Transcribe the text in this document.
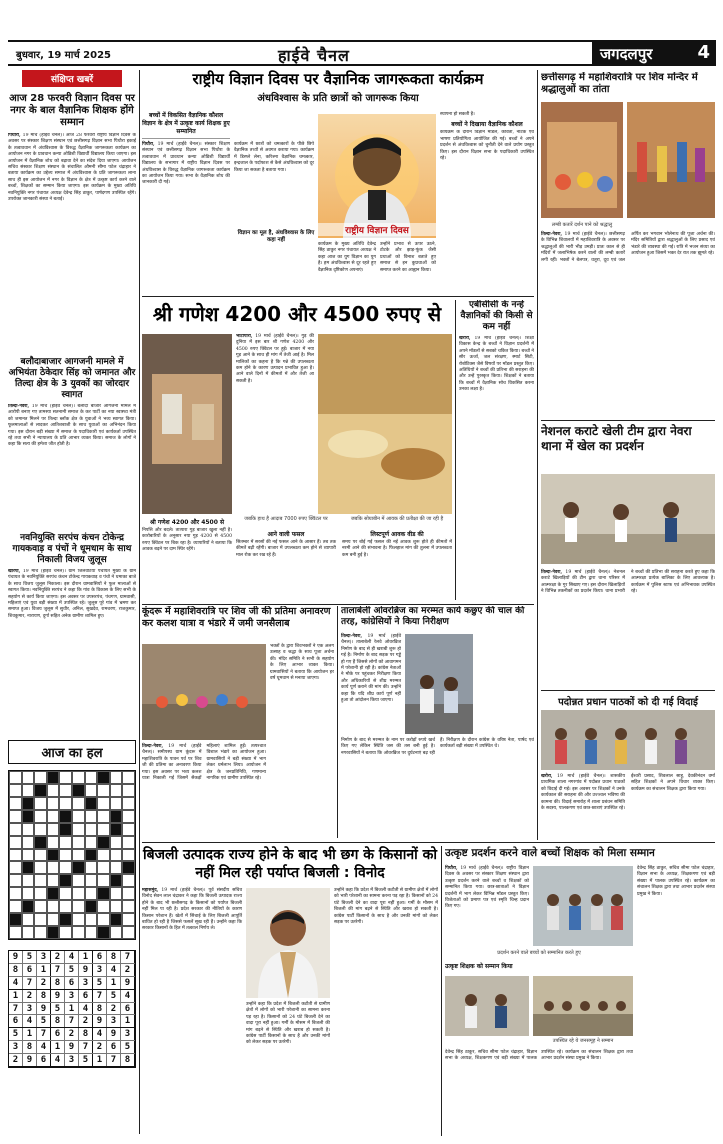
बुधवार, 19 मार्च 2025	हाईवे चैनल	जगदलपुर	4
संक्षिप्त खबरें
आज 28 फरवरी विज्ञान दिवस पर नगर के बाल वैज्ञानिक शिक्षक होंगे सम्मान
पिथौरा, 19 मार्च (हाईवे चैनल)। आज 28 फरवरी राष्ट्रीय विज्ञान दिवस के अवसर पर संस्कार शिक्षण संस्थान एवं छत्तीसगढ़ विज्ञान सभा पिथौरा इकाई के तत्वावधान में अंधविश्वास के विरुद्ध वैज्ञानिक जागरूकता कार्यक्रम का आयोजन नगर के प्रावधान कन्या ओडिशी विद्यार्थी विद्यालय किया जाएगा। इस आयोजन में वैज्ञानिक शोध को बढ़ावा देने का संदेश दिया जाएगा। आयोजन सचिव संस्कार शिक्षण संस्थान के संचालित औमनी सीमा पटेल चंद्राहार ने बताया कार्यक्रम का उद्देश्य समाज में अंधविश्वास के प्रति जागरूकता लाना साथ ही इस आयोजन में नगर के विज्ञान के क्षेत्र में उत्कृष्ट कार्य करने वाले बच्चों, शिक्षकों का सम्मान किया जाएगा। इस कार्यक्रम के मुख्य अतिथि नवनियुक्ति नगर पंचायत अध्यक्ष देवेन्द्र सिंह ठाकुर, पार्षदगण उपस्थित रहेंगे। उपरोक्त जानकारी संस्था ने बताई।
बलौदाबाजार आगजनी मामले में अभियंता ठेकेदार सिंह को जमानत और तिल्दा क्षेत्र के 3 युवकों का जोरदार स्वागत
तिल्दा-नेवरा, 19 मार्च (हाईवे चैनल)। बलौदा बाजार आगजनी मामले में आरोपी बनाए गए तामस्या सतनामी समाज के कर पार्टी का नया स्वास्थ्य मंत्री को जमानत मिलने पर तिल्दा ब्लॉक क्षेत्र के युवाओं ने भव्य स्वागत किया। फूलमालाओं से लादकर आतिशबाजी के साथ युवाओं का अभिनंदन किया गया। इस दौरान बड़ी संख्या में समाज के पदाधिकारी एवं कार्यकर्ता उपस्थित रहे तथा सभी ने न्यायालय के प्रति आभार व्यक्त किया। समाज के लोगों ने कहा कि सत्य की हमेशा जीत होती है।
नवनियुक्ति सरपंच कंचन टोकेन्द्र गायकवाड़ व पंचों ने धूमधाम के साथ निकाली विजय जुलूस
खोरपा, 19 मार्च (हाईवे चैनल)। ग्राम जिलवटिया पंचायत मुख्य के ग्राम पंचायत के नवनियुक्ति सरपंच कंचन टोकेन्द्र गायकवाड़ व पंचो ने धमाका बाजे के साथ विजय जुलूस निकाला। इस दौरान ग्रामवासियों ने फूल मालाओं से स्वागत किया। नवनियुक्ति सरपंच ने कहा कि गांव के विकास के लिए सभी के सहयोग से कार्य किया जाएगा। इस अवसर पर उपसरपंच, पंचगण, ग्रामवासी, महिलाएं एवं युवा बड़ी संख्या में उपस्थित रहे। जुलूस पूरे गांव में भ्रमण कर समाप्त हुआ। विजय जुलूस में सुधीर, अनिल, सुखदेव, रामचरण, राजकुमार, शिवकुमार, नारायण, दुर्गा सहित अनेक ग्रामीण शामिल हुए।
आज का हल
9 5 3 2 4 1 6 8 7
8 6 1 7 5 9 3 4 2
4 7 2 8 6 3 5 1 9
1 2 8 9 3 6 7 5 4
7 3 9 5 1 4 8 2 6
6 4 5 8 7 2 9 3 1
5 1 7 6 2 8 4 9 3
3 8 4 1 9 7 2 6 5
2 9 6 4 3 5 1 7 8
राष्ट्रीय विज्ञान दिवस पर वैज्ञानिक जागरूकता कार्यक्रम
अंधविश्वास के प्रति छात्रों को जागरूक किया
बच्चों में विकसित वैज्ञानिक कौशल विज्ञान के क्षेत्र में उत्कृष्ट कार्य शिक्षक हुए सम्मानित
पिथौरा, 19 मार्च (हाईवे चैनल)। संस्कार शिक्षण संस्थान एवं छत्तीसगढ़ विज्ञान सभा पिथौरा के तत्वावधान में प्रावधान कन्या ओडिशी विद्यार्थी विद्यालय के सभागार में राष्ट्रीय विज्ञान दिवस पर अंधविश्वास के विरुद्ध वैज्ञानिक जागरूकता कार्यक्रम का आयोजन किया गया। सभा के वैज्ञानिक शोध की जानकारी दी गई।
कार्यक्रम में छात्रों को चमत्कारों के पीछे छिपे वैज्ञानिक तथ्यों से अवगत कराया गया। कार्यक्रम में डिस्प्ले लेना, करिश्मा वैज्ञानिक चमत्कार, इन्द्रजाल के पर्दाफाश से कैसे अंधविश्वास को दूर किया जा सकता है बताया गया।
राष्ट्रीय विज्ञान दिवस
विज्ञान का मूल है, अंधविश्वास के लिए कहा नहीं
कार्यक्रम के मुख्य अतिथि देवेन्द्र सिंह ठाकुर नगर पंचायत अध्यक्ष ने कहा आज का युग विज्ञान का युग है। हम अंधविश्वास से दूर रहते हुए वैज्ञानिक दृष्टिकोण अपनाएं।
उन्होंने प्रभाव से ऊपर उठने, टोटके और झाड़-फूंक जैसी प्रथाओं को विनाश बताते हुए समाज से इन कुप्रथाओं को समाप्त करने का आह्वान किया।
स्थापना हो सकती है।
बच्चों ने दिखाया वैज्ञानिक कौशल
कार्यक्रम के दौरान विज्ञान मॉडल, कविता, नाटक एवं भाषण प्रतियोगिता आयोजित की गई। बच्चों ने अपने प्रदर्शन से अंधविश्वास को चुनौती देने वाले प्रयोग प्रस्तुत किए। इस दौरान विज्ञान सभा के पदाधिकारी उपस्थित रहे।
श्री गणेश 4200 और 4500 रुपए से
भाटापारा, 19 मार्च (हाईवे चैनल)। गुड़ की दुनिया में इस बार श्री गणेश 4200 और 4500 रुपए क्विंटल पर हुई। बाजार में नया गुड़ आने के साथ ही मांग में तेजी आई है। मिल मालिकों का कहना है कि गन्ने की उपलब्धता कम होने के कारण उत्पादन प्रभावित हुआ है। आने वाले दिनों में कीमतों में और तेजी आ सकती है।
श्री गणेश 4200 और 4500 से
निपत्ति और बदले। तात्पारा गुड़ बाजार खुला नहीं है। कारोबारियों के अनुसार नया गुड़ 4200 से 4500 रुपए क्विंटल पर बिक रहा है। व्यापारियों ने बताया कि आवक बढ़ने पर दाम स्थिर रहेंगे।
जबकि हाथ है आदाब 7000 रुपए क्विंटल पर	जबकि सोयाबीन में आवक की प्रतीक्षा की जा रही है
आने वाली फसल
सितम्बर में सरसों की नई फसल आने के आसार हैं। तब तक कीमतें बढ़ी रहेंगी। बाजार में उपलब्धता कम होने से व्यापारी माल रोक कर रख रहे हैं।
लिस्टपूर्ण आवक वीड की
समय पर बोई गई फसल की नई आवक शुरू होते ही कीमतों में नरमी आने की संभावना है। फिलहाल मांग की तुलना में उपलब्धता कम बनी हुई है।
एबीसीसी के नन्हे वैज्ञानिकों की किसी से कम नहीं
खरोरा, 19 मार्च (हाईवे चैनल)। शिक्षा विकास केन्द्र के बच्चों ने विज्ञान प्रदर्शनी में अपने मॉडलों से सबको चकित किया। बच्चों ने सौर ऊर्जा, जल संरक्षण, स्मार्ट सिटी, रोबोटिक्स जैसे विषयों पर मॉडल प्रस्तुत किए। अतिथियों ने बच्चों की प्रतिभा की सराहना की और उन्हें पुरस्कृत किया। शिक्षकों ने बताया कि बच्चों में वैज्ञानिक सोच विकसित करना उनका लक्ष्य है।
छत्तीसगढ़ में महाशिवरात्रि पर शिव मन्दिर में श्रद्धालुओं का तांता
लम्बी कतारें दर्शन पाने को श्रद्धालु
तिल्दा-नेवरा, 19 मार्च (हाईवे चैनल)। छत्तीसगढ़ के विभिन्न शिवालयों में महाशिवरात्रि के अवसर पर श्रद्धालुओं की भारी भीड़ उमड़ी। प्रातः काल से ही मंदिरों में जलाभिषेक करने वालों की लम्बी कतारें लगी रहीं। भक्तों ने बेलपत्र, धतूरा, दूध एवं जल अर्पित कर भगवान भोलेनाथ की पूजा अर्चना की। मंदिर समितियों द्वारा श्रद्धालुओं के लिए प्रसाद एवं भंडारे की व्यवस्था की गई। रात्रि में भजन संध्या का आयोजन हुआ जिसमें भक्त देर रात तक झूमते रहे।
नेशनल कराटे खेली टीम द्वारा नेवरा थाना में खेल का प्रदर्शन
तिल्दा-नेवरा, 19 मार्च (हाईवे चैनल)। नेशनल कराटे खिलाड़ियों की टीम द्वारा थाना परिसर में आत्मरक्षा के गुर सिखाए गए। इस दौरान खिलाड़ियों ने विभिन्न तकनीकों का प्रदर्शन किया। थाना प्रभारी ने बच्चों की प्रतिभा की सराहना करते हुए कहा कि आत्मरक्षा प्रत्येक बालिका के लिए आवश्यक है। कार्यक्रम में पुलिस स्टाफ एवं अभिभावक उपस्थित रहे।
कूंदरू में महाशिवरात्रि पर शिव जी की प्रतिमा अनावरण कर कलश यात्रा व भंडारे में जमी जनसैलाब
भक्तों के द्वारा शिवभक्तों ने एक अलग उत्साह व श्रद्धा के साथ पूजा अर्चना की। मंदिर समिति ने सभी के सहयोग के लिए आभार व्यक्त किया। ग्रामवासियों ने बताया कि आयोजन हर वर्ष धूमधाम से मनाया जाएगा।
तिल्दा-नेवरा, 19 मार्च (हाईवे चैनल)। समीपस्थ ग्राम कूंदरू में महाशिवरात्रि के पावन पर्व पर शिव जी की प्रतिमा का अनावरण किया गया। इस अवसर पर भव्य कलश यात्रा निकाली गई जिसमें सैकड़ों महिलाएं शामिल हुईं। तत्पश्चात विशाल भंडारे का आयोजन हुआ। ग्रामवासियों ने बड़ी संख्या में भाग लेकर धर्मलाभ लिया। आयोजन में क्षेत्र के जनप्रतिनिधि, गणमान्य नागरिक एवं ग्रामीण उपस्थित रहे।
तालाबेली ओवरब्रिज का मरम्मत कार्य कछुए की चाल की तरह, कांग्रेसियों ने किया निरीक्षण
तिल्दा-नेवरा, 19 मार्च (हाईवे चैनल)। तालाबेली रेलवे ओवरब्रिज निर्माण के बाद से ही खराबी शुरू हो गई है। निर्माण के बाद सड़क पर गड्ढे हो गए हैं जिससे लोगों को आवागमन में परेशानी हो रही है। कांग्रेस नेताओं ने मौके पर पहुंचकर निरीक्षण किया और अधिकारियों से शीघ्र मरम्मत कार्य पूर्ण कराने की मांग की। उन्होंने कहा कि यदि शीघ्र कार्य पूर्ण नहीं हुआ तो आंदोलन किया जाएगा।
निर्माण के बाद से मरम्मत के नाम पर करोड़ों रुपये खर्च किए गए लेकिन स्थिति जस की तस बनी हुई है। नगरवासियों ने बताया कि ओवरब्रिज पर दुर्घटनाएं बढ़ रही हैं। निरीक्षण के दौरान कांग्रेस के वरिष्ठ नेता, पार्षद एवं कार्यकर्ता बड़ी संख्या में उपस्थित थे।
पदोन्नत प्रधान पाठकों को दी गई विदाई
खरोरा, 19 मार्च (हाईवे चैनल)। शासकीय प्राथमिक शाला नगरगांव में पदोन्नत प्रधान पाठकों को विदाई दी गई। इस अवसर पर शिक्षकों ने उनके कार्यकाल की सराहना की और उज्ज्वल भविष्य की कामना की। विदाई समारोह में शाला प्रबंधन समिति के सदस्य, पालकगण एवं छात्र-छात्राएं उपस्थित रहे।
ईश्वरी प्रसाद, शिवलाल साहू, देवकीनंदन वर्मा सहित शिक्षकों ने अपने विचार व्यक्त किए। कार्यक्रम का संचालन शिक्षक द्वारा किया गया।
बिजली उत्पादक राज्य होने के बाद भी छग के किसानों को नहीं मिल रही पर्याप्त बिजली : विनोद
महासमुंद, 19 मार्च (हाईवे चैनल)। पूर्व संसदीय सचिव विनोद सेवन लाल चंद्राकर ने कहा कि बिजली उत्पादक राज्य होने के बाद भी छत्तीसगढ़ के किसानों को पर्याप्त बिजली नहीं मिल पा रही है। प्रदेश सरकार की नीतियों के कारण किसान परेशान हैं। खेतों में सिंचाई के लिए बिजली आपूर्ति बाधित हो रही है जिससे फसलें सूख रही हैं। उन्होंने कहा कि सरकार किसानों के हित में तत्काल निर्णय ले।
उन्होंने कहा कि प्रदेश में बिजली कटौती से ग्रामीण क्षेत्रों में लोगों को भारी परेशानी का सामना करना पड़ रहा है। किसानों को 24 घंटे बिजली देने का वादा पूरा नहीं हुआ। गर्मी के मौसम में बिजली की मांग बढ़ने से स्थिति और खराब हो सकती है। कांग्रेस पार्टी किसानों के साथ है और उनकी मांगों को लेकर सड़क पर उतरेगी।
उन्होंने कहा कि प्रदेश में बिजली कटौती से ग्रामीण क्षेत्रों में लोगों को भारी परेशानी का सामना करना पड़ रहा है। किसानों को 24 घंटे बिजली देने का वादा पूरा नहीं हुआ। गर्मी के मौसम में बिजली की मांग बढ़ने से स्थिति और खराब हो सकती है। कांग्रेस पार्टी किसानों के साथ है और उनकी मांगों को लेकर सड़क पर उतरेगी।
उत्कृष्ट प्रदर्शन करने वाले बच्चों शिक्षक को मिला सम्मान
पिथौरा, 19 मार्च (हाईवे चैनल)। राष्ट्रीय विज्ञान दिवस के अवसर पर संस्कार शिक्षण संस्थान द्वारा उत्कृष्ट प्रदर्शन करने वाले बच्चों व शिक्षकों को सम्मानित किया गया। छात्र-छात्राओं ने विज्ञान प्रदर्शनी में भाग लेकर विभिन्न मॉडल प्रस्तुत किए। विजेताओं को प्रमाण पत्र एवं स्मृति चिन्ह प्रदान किए गए।
देवेन्द्र सिंह ठाकुर, सचिव सीमा पटेल चंद्राहार, विज्ञान सभा के अध्यक्ष, शिक्षकगण एवं बड़ी संख्या में पालक उपस्थित रहे। कार्यक्रम का संचालन शिक्षक द्वारा तथा आभार प्रदर्शन संस्था प्रमुख ने किया।
प्रदर्शन करने वाले बच्चों को सम्मानित करते हुए
उत्कृष्ट शिक्षक को सम्मान किया
उपस्थित रहे ये जनसमूह ने सम्मान
देवेन्द्र सिंह ठाकुर, सचिव सीमा पटेल चंद्राहार, विज्ञान सभा के अध्यक्ष, शिक्षकगण एवं बड़ी संख्या में पालक उपस्थित रहे। कार्यक्रम का संचालन शिक्षक द्वारा तथा आभार प्रदर्शन संस्था प्रमुख ने किया।
